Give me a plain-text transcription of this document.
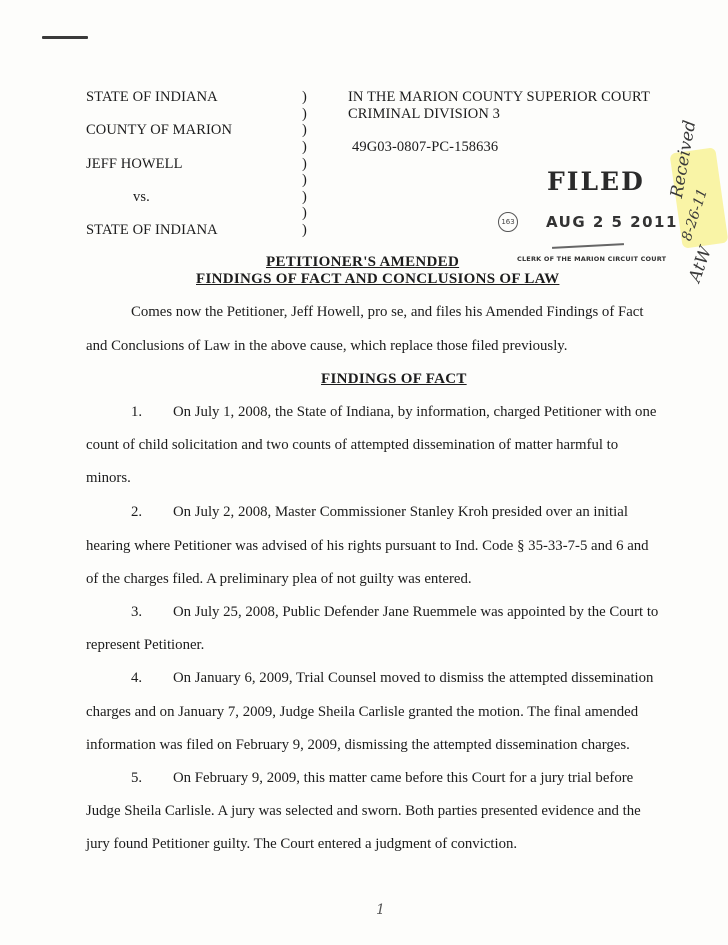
STATE OF INDIANA
COUNTY OF MARION
JEFF HOWELL
vs.
STATE OF INDIANA
)
)
)
)
)
)
)
)
)
IN THE MARION COUNTY SUPERIOR COURT
CRIMINAL DIVISION 3
49G03-0807-PC-158636
FILED
163 AUG 2 5 2011
CLERK OF THE MARION CIRCUIT COURT
Received
8-26-11
AtW
PETITIONER'S AMENDED
FINDINGS OF FACT AND CONCLUSIONS OF LAW
Comes now the Petitioner, Jeff Howell, pro se, and files his Amended Findings of Fact
and Conclusions of Law in the above cause, which replace those filed previously.
FINDINGS OF FACT
1. On July 1, 2008, the State of Indiana, by information, charged Petitioner with one
count of child solicitation and two counts of attempted dissemination of matter harmful to
minors.
2. On July 2, 2008, Master Commissioner Stanley Kroh presided over an initial
hearing where Petitioner was advised of his rights pursuant to Ind. Code § 35-33-7-5 and 6 and
of the charges filed. A preliminary plea of not guilty was entered.
3. On July 25, 2008, Public Defender Jane Ruemmele was appointed by the Court to
represent Petitioner.
4. On January 6, 2009, Trial Counsel moved to dismiss the attempted dissemination
charges and on January 7, 2009, Judge Sheila Carlisle granted the motion. The final amended
information was filed on February 9, 2009, dismissing the attempted dissemination charges.
5. On February 9, 2009, this matter came before this Court for a jury trial before
Judge Sheila Carlisle. A jury was selected and sworn. Both parties presented evidence and the
jury found Petitioner guilty. The Court entered a judgment of conviction.
1
